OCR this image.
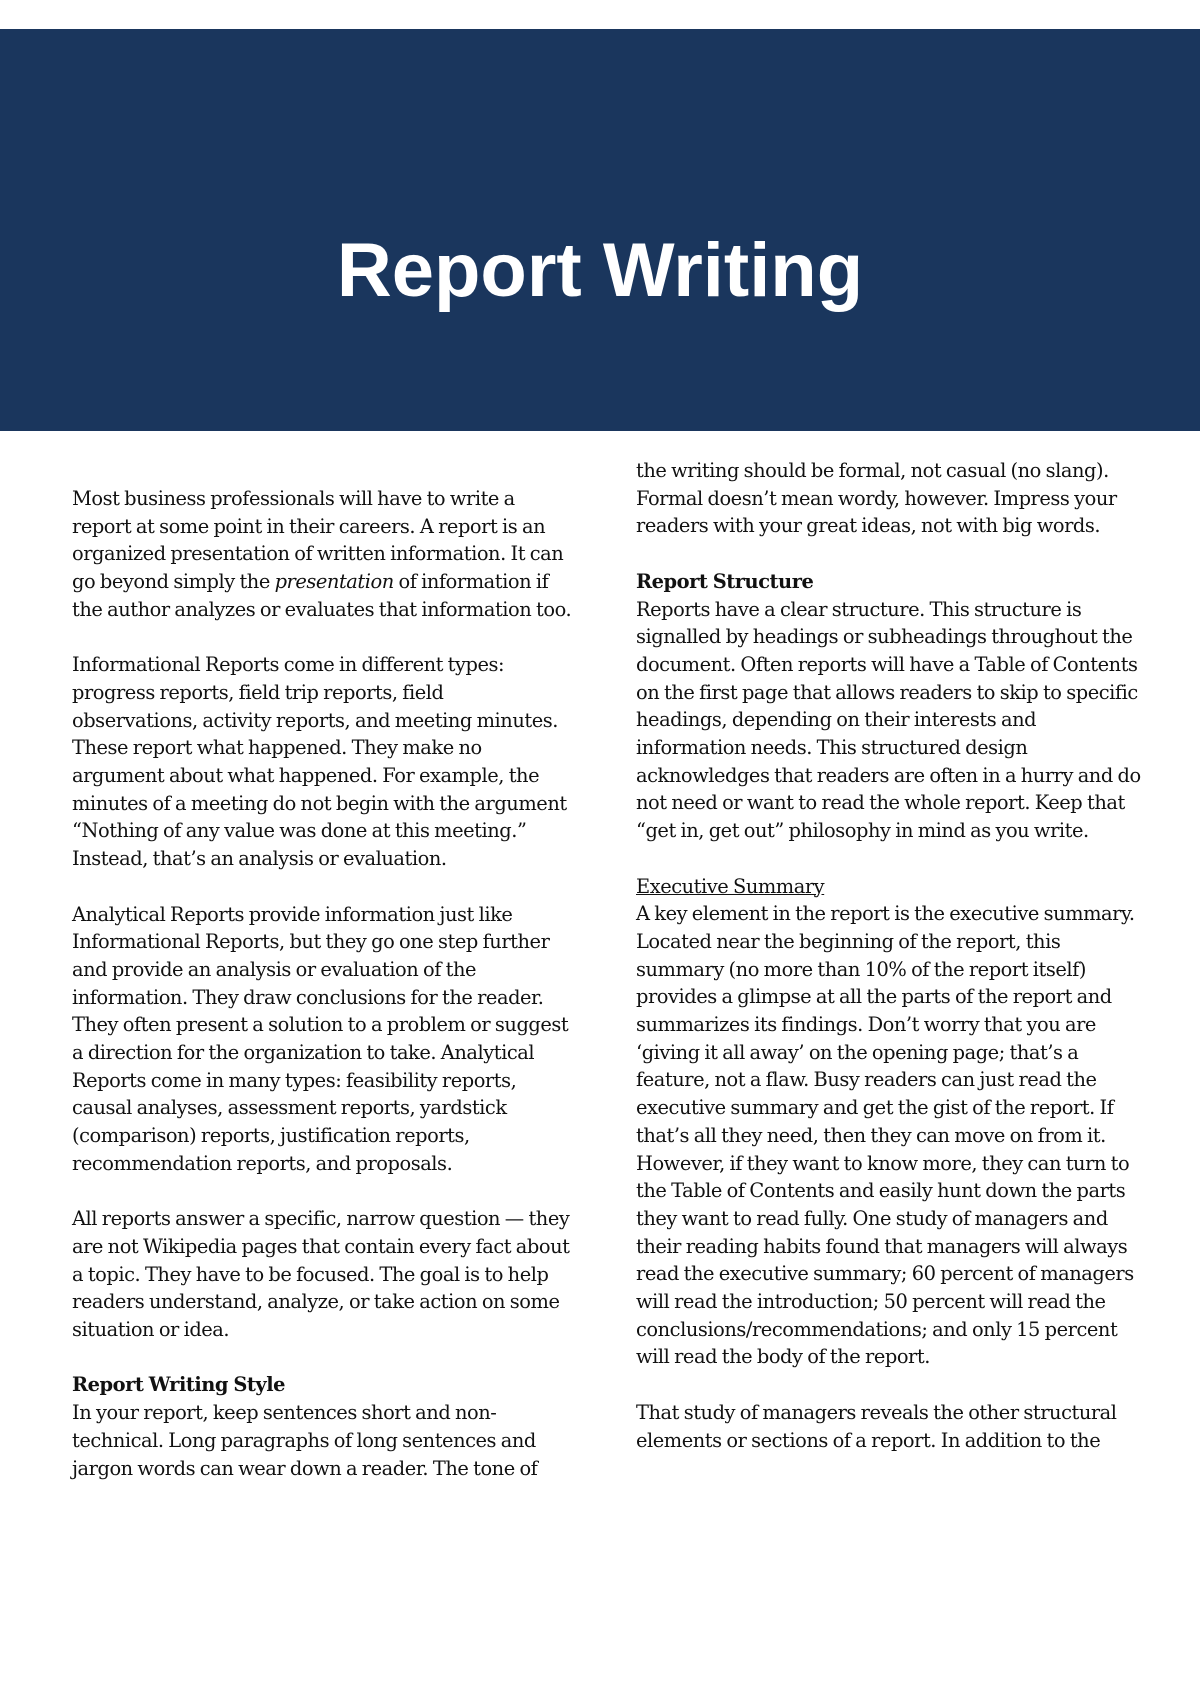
Report Writing

Most business professionals will have to write a report at some point in their careers. A report is an organized presentation of written information. It can go beyond simply the presentation of information if the author analyzes or evaluates that information too.

Informational Reports come in different types: progress reports, field trip reports, field observations, activity reports, and meeting minutes. These report what happened. They make no argument about what happened. For example, the minutes of a meeting do not begin with the argument “Nothing of any value was done at this meeting.” Instead, that’s an analysis or evaluation.

Analytical Reports provide information just like Informational Reports, but they go one step further and provide an analysis or evaluation of the information. They draw conclusions for the reader. They often present a solution to a problem or suggest a direction for the organization to take. Analytical Reports come in many types: feasibility reports, causal analyses, assessment reports, yardstick (comparison) reports, justification reports, recommendation reports, and proposals.

All reports answer a specific, narrow question — they are not Wikipedia pages that contain every fact about a topic. They have to be focused. The goal is to help readers understand, analyze, or take action on some situation or idea.

Report Writing Style

In your report, keep sentences short and non-technical. Long paragraphs of long sentences and jargon words can wear down a reader. The tone of

the writing should be formal, not casual (no slang). Formal doesn’t mean wordy, however. Impress your readers with your great ideas, not with big words.

Report Structure

Reports have a clear structure. This structure is signalled by headings or subheadings throughout the document. Often reports will have a Table of Contents on the first page that allows readers to skip to specific headings, depending on their interests and information needs. This structured design acknowledges that readers are often in a hurry and do not need or want to read the whole report. Keep that “get in, get out” philosophy in mind as you write.

Executive Summary

A key element in the report is the executive summary. Located near the beginning of the report, this summary (no more than 10% of the report itself) provides a glimpse at all the parts of the report and summarizes its findings. Don’t worry that you are ‘giving it all away’ on the opening page; that’s a feature, not a flaw. Busy readers can just read the executive summary and get the gist of the report. If that’s all they need, then they can move on from it. However, if they want to know more, they can turn to the Table of Contents and easily hunt down the parts they want to read fully. One study of managers and their reading habits found that managers will always read the executive summary; 60 percent of managers will read the introduction; 50 percent will read the conclusions/recommendations; and only 15 percent will read the body of the report.

That study of managers reveals the other structural elements or sections of a report. In addition to the
